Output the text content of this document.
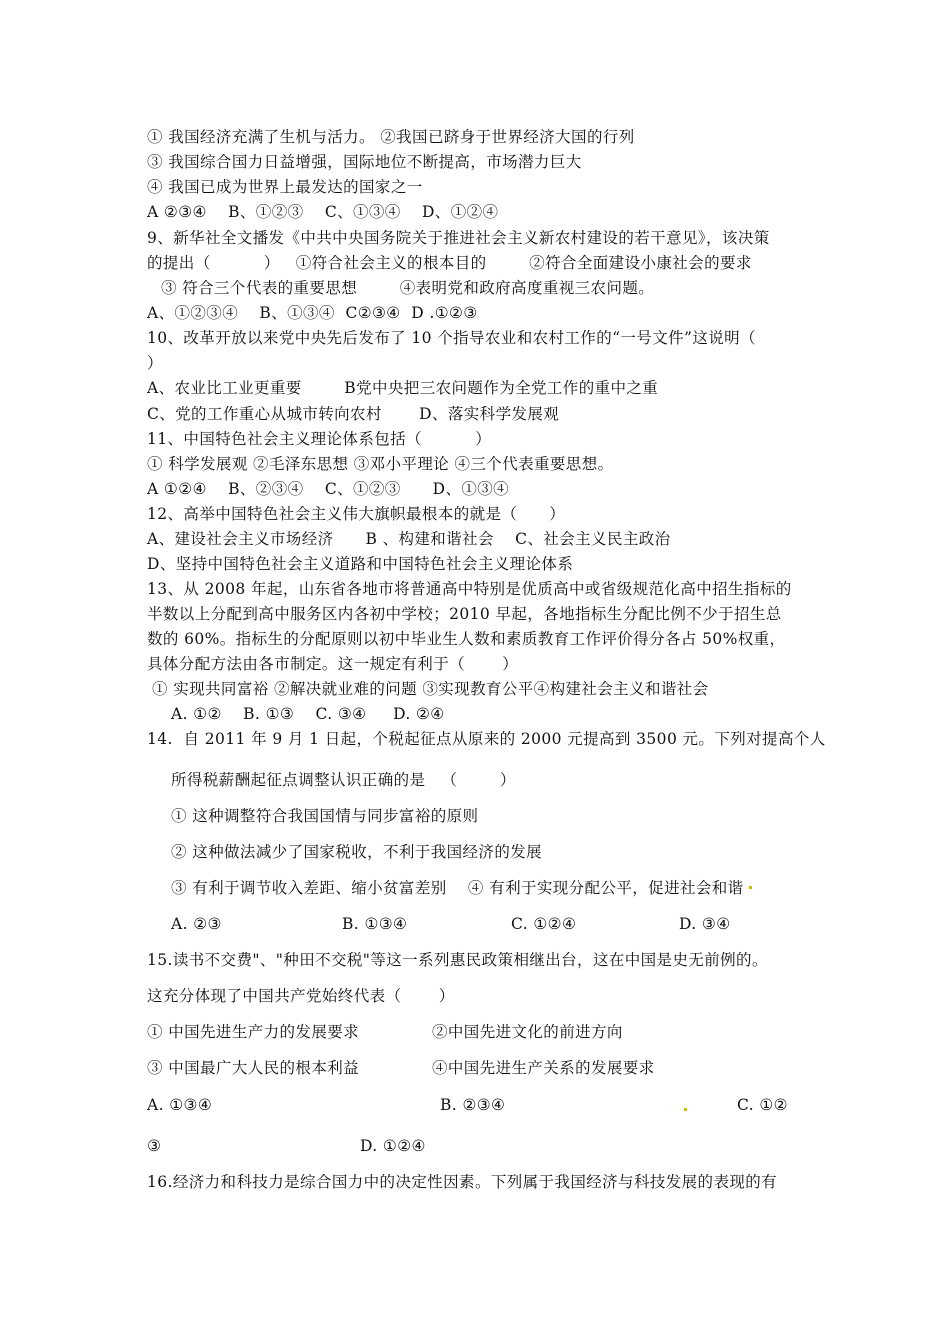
① 我国经济充满了生机与活力。 ②我国已跻身于世界经济大国的行列
③ 我国综合国力日益增强，国际地位不断提高，市场潜力巨大
④ 我国已成为世界上最发达的国家之一
A ②③④    B、①②③    C、①③④    D、①②④
9、新华社全文播发《中共中央国务院关于推进社会主义新农村建设的若干意见》，该决策
的提出（          ）   ①符合社会主义的根本目的        ②符合全面建设小康社会的要求
③ 符合三个代表的重要思想        ④表明党和政府高度重视三农问题。
A、①②③④    B、①③④  C②③④  D .①②③
10、改革开放以来党中央先后发布了 10 个指导农业和农村工作的“一号文件”这说明（
）
A、农业比工业更重要        B党中央把三农问题作为全党工作的重中之重
C、党的工作重心从城市转向农村       D、落实科学发展观
11、中国特色社会主义理论体系包括（          ）
① 科学发展观 ②毛泽东思想 ③邓小平理论 ④三个代表重要思想。
A ①②④    B、②③④    C、①②③      D、①③④
12、高举中国特色社会主义伟大旗帜最根本的就是（      ）
A、建设社会主义市场经济      B 、构建和谐社会    C、社会主义民主政治
D、坚持中国特色社会主义道路和中国特色社会主义理论体系
13、从 2008 年起，山东省各地市将普通高中特别是优质高中或省级规范化高中招生指标的
半数以上分配到高中服务区内各初中学校；2010 早起，各地指标生分配比例不少于招生总
数的 60%。指标生的分配原则以初中毕业生人数和素质教育工作评价得分各占 50%权重，
具体分配方法由各市制定。这一规定有利于（       ）
① 实现共同富裕 ②解决就业难的问题 ③实现教育公平④构建社会主义和谐社会
A. ①②    B. ①③    C. ③④     D. ②④
14.  自 2011 年 9 月 1 日起，个税起征点从原来的 2000 元提高到 3500 元。下列对提高个人
所得税薪酬起征点调整认识正确的是   （        ）
① 这种调整符合我国国情与同步富裕的原则
② 这种做法减少了国家税收，不利于我国经济的发展
③ 有利于调节收入差距、缩小贫富差别    ④ 有利于实现分配公平，促进社会和谐
A. ②③	B. ①③④	C. ①②④	D. ③④
15.读书不交费"、"种田不交税"等这一系列惠民政策相继出台，这在中国是史无前例的。
这充分体现了中国共产党始终代表（       ）
① 中国先进生产力的发展要求	②中国先进文化的前进方向
③ 中国最广大人民的根本利益	④中国先进生产关系的发展要求
A. ①③④	B. ②③④	C. ①②
③	D. ①②④
16.经济力和科技力是综合国力中的决定性因素。下列属于我国经济与科技发展的表现的有
